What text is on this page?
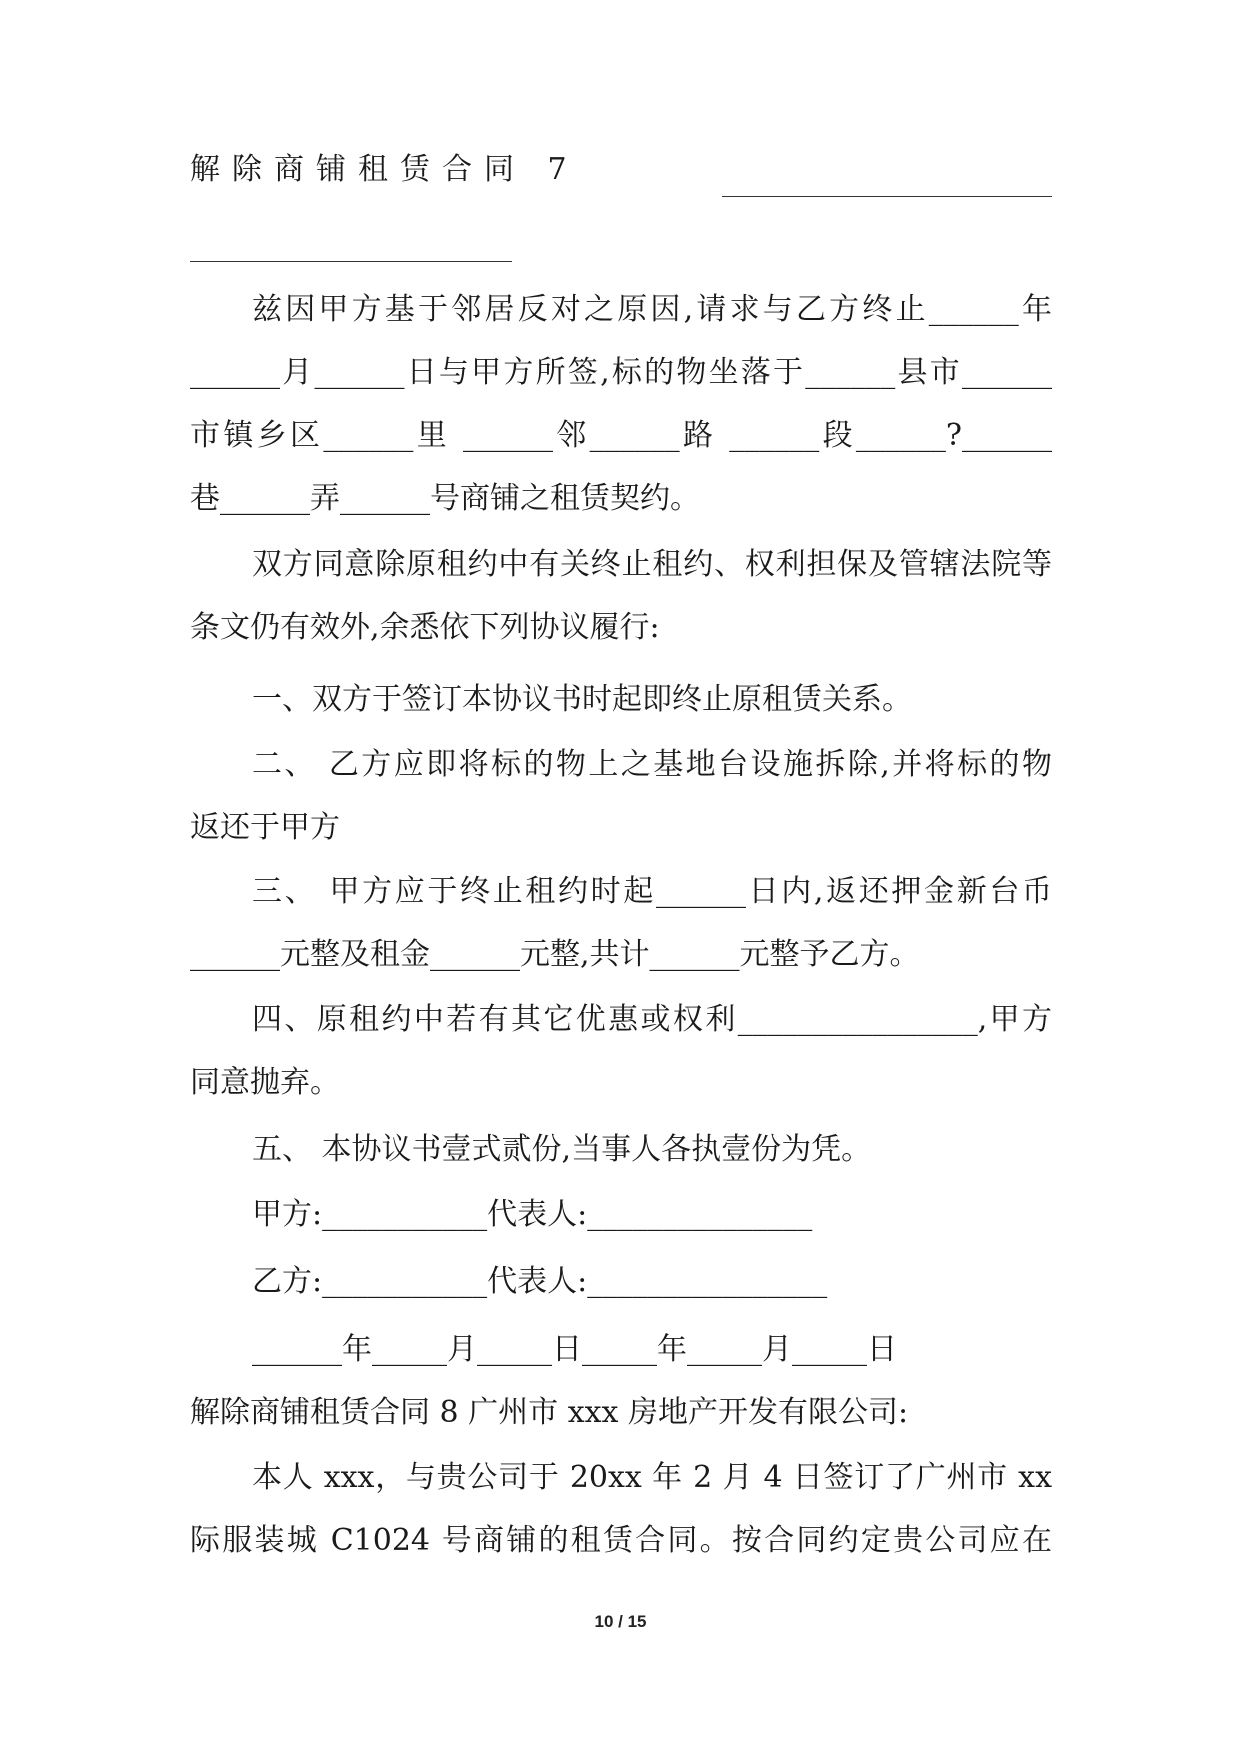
解除商铺租赁合同 7
兹因甲方基于邻居反对之原因,请求与乙方终止______年
______月______日与甲方所签,标的物坐落于______县市______
市镇乡区______里 ______邻______路 ______段______?______
巷______弄______号商铺之租赁契约。
双方同意除原租约中有关终止租约、权利担保及管辖法院等
条文仍有效外,余悉依下列协议履行:
一、双方于签订本协议书时起即终止原租赁关系。
二、 乙方应即将标的物上之基地台设施拆除,并将标的物
返还于甲方
三、 甲方应于终止租约时起______日内,返还押金新台币
______元整及租金______元整,共计______元整予乙方。
四、原租约中若有其它优惠或权利________________,甲方
同意抛弃。
五、 本协议书壹式贰份,当事人各执壹份为凭。
甲方:___________代表人:_______________
乙方:___________代表人:________________
______年_____月_____日_____年_____月_____日
解除商铺租赁合同 8 广州市 xxx 房地产开发有限公司:
本人 xxx，与贵公司于 20xx 年 2 月 4 日签订了广州市 xx
际服装城 C1024 号商铺的租赁合同。按合同约定贵公司应在
10 / 15
